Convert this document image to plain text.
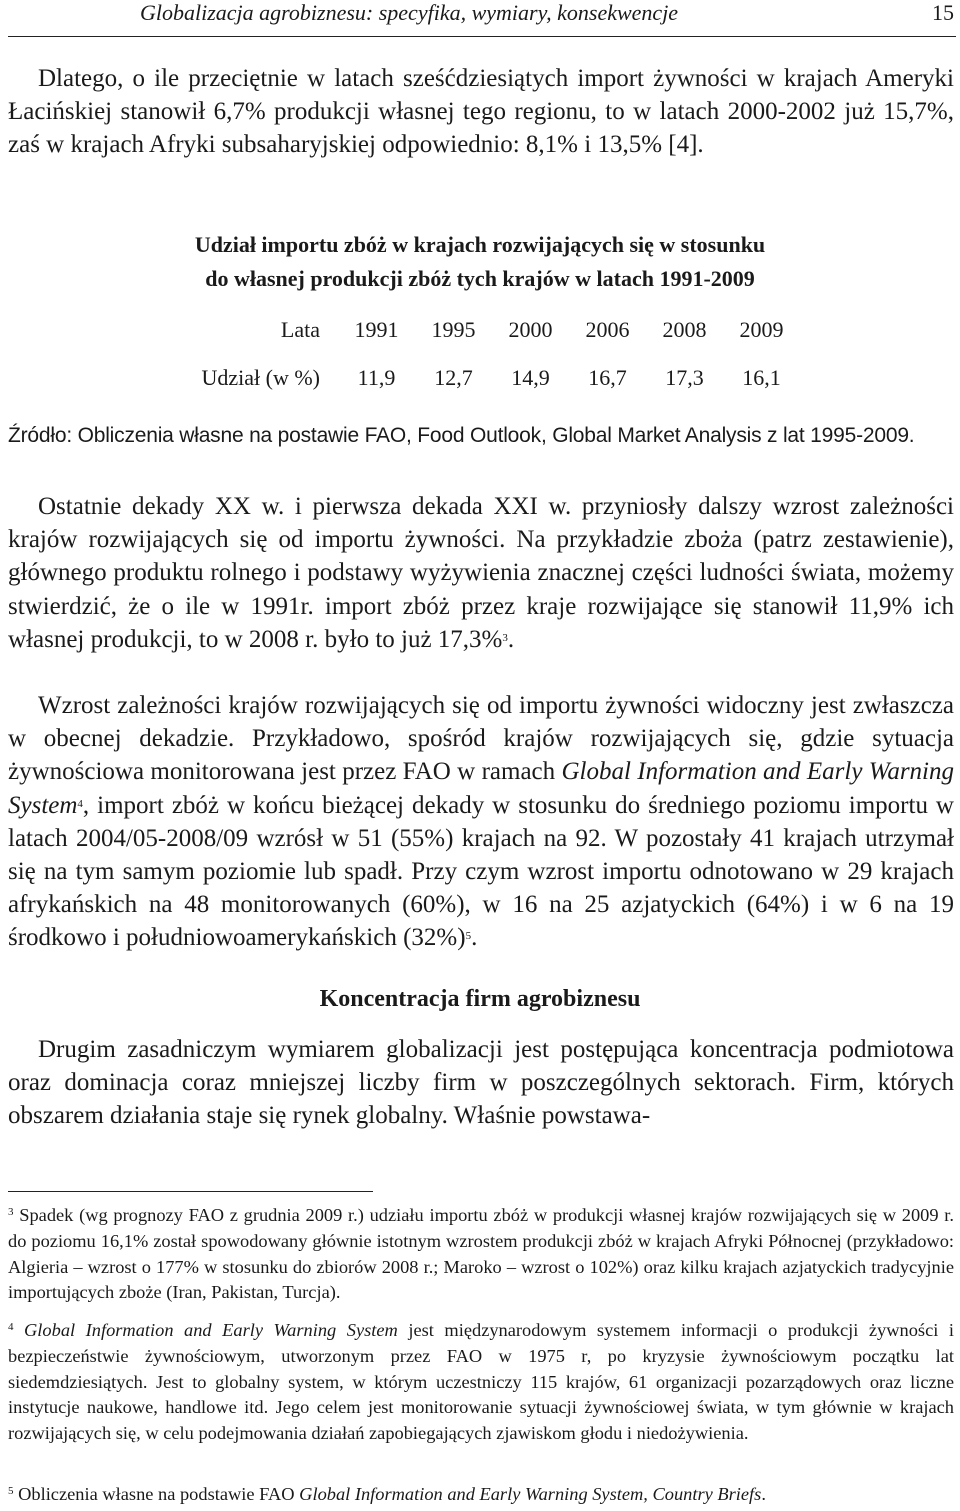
Globalizacja agrobiznesu: specyfika, wymiary, konsekwencje	15

Dlatego, o ile przeciętnie w latach sześćdziesiątych import żywności w krajach Ameryki Łacińskiej stanowił 6,7% produkcji własnej tego regionu, to w latach 2000-2002 już 15,7%, zaś w krajach Afryki subsaharyjskiej odpowiednio: 8,1% i 13,5% [4].

Udział importu zbóż w krajach rozwijających się w stosunku
do własnej produkcji zbóż tych krajów w latach 1991-2009
Lata	1991	1995	2000	2006	2008	2009
Udział (w %)	11,9	12,7	14,9	16,7	17,3	16,1
Źródło: Obliczenia własne na postawie FAO, Food Outlook, Global Market Analysis z lat 1995-2009.

Ostatnie dekady XX w. i pierwsza dekada XXI w. przyniosły dalszy wzrost zależności krajów rozwijających się od importu żywności. Na przykładzie zboża (patrz zestawienie), głównego produktu rolnego i podstawy wyżywienia znacznej części ludności świata, możemy stwierdzić, że o ile w 1991r. import zbóż przez kraje rozwijające się stanowił 11,9% ich własnej produkcji, to w 2008 r. było to już 17,3%$^3$.

Wzrost zależności krajów rozwijających się od importu żywności widoczny jest zwłaszcza w obecnej dekadzie. Przykładowo, spośród krajów rozwijających się, gdzie sytuacja żywnościowa monitorowana jest przez FAO w ramach Global Information and Early Warning System$^4$, import zbóż w końcu bieżącej dekady w stosunku do średniego poziomu importu w latach 2004/05-2008/09 wzrósł w 51 (55%) krajach na 92. W pozostały 41 krajach utrzymał się na tym samym poziomie lub spadł. Przy czym wzrost importu odnotowano w 29 krajach afrykańskich na 48 monitorowanych (60%), w 16 na 25 azjatyckich (64%) i w 6 na 19 środkowo i południowoamerykańskich $(32\%)^5$.

Koncentracja firm agrobiznesu

Drugim zasadniczym wymiarem globalizacji jest postępująca koncentracja podmiotowa oraz dominacja coraz mniejszej liczby firm w poszczególnych sektorach. Firm, których obszarem działania staje się rynek globalny. Właśnie powstawa-

$^3$ Spadek (wg prognozy FAO z grudnia 2009 r.) udziału importu zbóż w produkcji własnej krajów rozwijających się w 2009 r. do poziomu 16,1% został spowodowany głównie istotnym wzrostem produkcji zbóż w krajach Afryki Północnej (przykładowo: Algieria – wzrost o 177% w stosunku do zbiorów 2008 r.; Maroko – wzrost o 102%) oraz kilku krajach azjatyckich tradycyjnie importujących zboże (Iran, Pakistan, Turcja).

$^4$ Global Information and Early Warning System jest międzynarodowym systemem informacji o produkcji żywności i bezpieczeństwie żywnościowym, utworzonym przez FAO w 1975 r, po kryzysie żywnościowym początku lat siedemdziesiątych. Jest to globalny system, w którym uczestniczy 115 krajów, 61 organizacji pozarządowych oraz liczne instytucje naukowe, handlowe itd. Jego celem jest monitorowanie sytuacji żywnościowej świata, w tym głównie w krajach rozwijających się, w celu podejmowania działań zapobiegających zjawiskom głodu i niedożywienia.

$^5$ Obliczenia własne na podstawie FAO Global Information and Early Warning System, Country Briefs.
